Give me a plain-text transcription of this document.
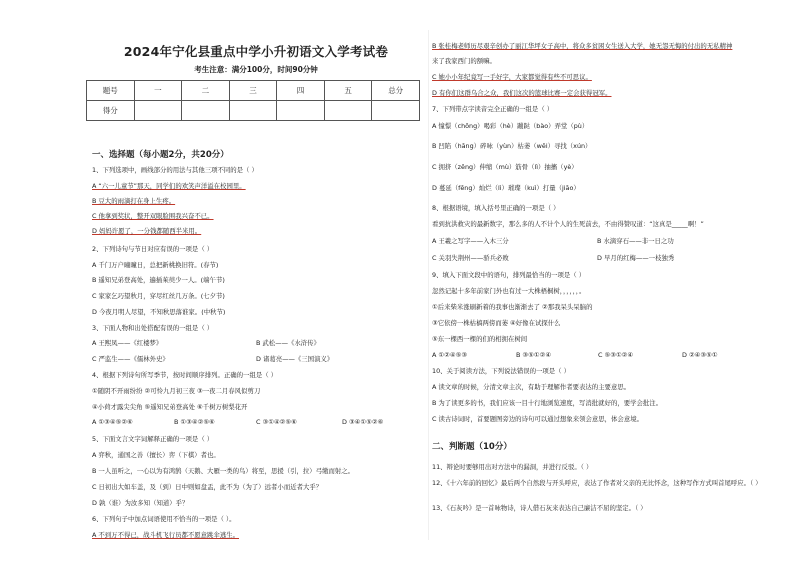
2024年宁化县重点中学小升初语文入学考试卷
考生注意：满分100分，时间90分钟
题号	一	二	三	四	五	总分
得分						
一、选择题（每小题2分，共20分）
1、下列选项中，画线部分的用法与其他三项不同的是（ ）
A “六一儿童节”那天，同学们的欢笑声洋溢在校园里。
B 豆大的雨滴打在身上生疼。
C 他拿到奖状，整开双眼脸围我兴奋不已。
D 妈妈许愿了，一分钱都随西半米用。
2、下列诗句与节日对应有误的一项是（ ）
A 千门万户曈曈日，总把新桃换旧符。(春节)
B 遥知兄弟登高处，遍插茱萸少一人。(端午节)
C 家家乞巧望秋月，穿尽红丝几万条。(七夕节)
D 今夜月明人尽望，不知秋思落谁家。(中秋节)
3、下面人物和出处搭配有误的一组是（ ）
A 王熙凤——《红楼梦》	B 武松——《水浒传》
C 严监生——《儒林外史》	D 诸葛亮——《三国演义》
4、根据下列诗句所写季节，按时间顺序排列。正确的一组是（ ）
①随阴不开雨纷纷 ②可怜九月初三夜 ③一夜二月春风似剪刀
④小荷才露尖尖角 ⑤遥知兄弟登高处 ⑥千树万树梨花开
A ①③④⑤②⑥	B ①③④②⑤⑥	C ③①④②⑤⑥	D ③④①⑤②⑥
5、下面文言文字词解释正确的一项是（ ）
A 弈秋，通国之善（擅长）弈（下棋）者也。
B 一人虽听之，一心以为有鸿鹄（天鹅、大雁一类的鸟）将至，思援（引，拉）弓缴而射之。
C 日初出大如车盖，及（到）日中则如盘盂，此不为（为了）远者小而近者大乎？
D 孰（谁）为汝多知（知道）乎？
6、下列句子中加点词语使用不恰当的一项是（ ）。
A 不到万不得已，战斗机飞行员都不愿意跳伞逃生。
B 张桂梅老师历尽艰辛创办了丽江华坪女子高中，将众多贫困女生送入大学，她无怨无悔的付出的无私精神
来了我家西门的额嘛。
C 她小小年纪竟写一手好字，大家都觉得有些不可思议。
D 有你们这群乌合之众，我们这次的篮球比赛一定会获得冠军。
7、下列带点字读音完全正确的一组是（ ）
A 憧憬（chōng）喝彩（hè）蹦跶（bào）弄堂（pù）
B 凹陷（hāng）碎咏（yùn）枯萎（wěi）寻找（xún）
C 拥挤（zēng）伸缩（mù）筋骨（lì）抽搐（yè）
D 蔓延（fēng）灿烂（lì）璀璨（kuì）打量（jiāo）
8、根据语境，填入括号里正确的一项是（ ）
看到抗洪救灾的最新数字，那么多的人不计个人的生死前去，不由得赞叹道：“这真是_____啊！”
A 王羲之写字——入木三分	B 水滴穿石——非一日之功
C 关羽失荆州——骄兵必败	D 早月的红梅——一枝独秀
9、填入下面文段中的语句，排列最恰当的一项是（ ）
忽然记起十多年前家门外也有过一大株梧桐树，，，，，，。
①后来柴米涨刷新着的我事也渐渐去了 ②那我呆头呆脑的
③它依傍一株枯槁两傍而萎 ④好像在试探什么
⑤东一棵西一棵的们的相拥在树间
A ①②④⑤③	B ③⑤①②④	C ⑤③①②④	D ②④③⑤①
10、关于阅读方法，下列说法错误的一项是（ ）
A 读文章的时候，分清文章主次，有助于理解作者要表达的主要意思。
B 为了读更多的书，我们应该一目十行地浏览速度，写消批就好的，要学会批注。
C 读古诗词时，首要题图旁边的诗句可以通过想象来领会意思，体会意境。
二、判断题（10分）
11、辩论时要够用出对方法中的漏洞，并进行反驳。（ ）
12、《十六年前的回忆》最后两个自然段与开头呼应，表达了作者对父亲的无比怀念，这种写作方式叫首尾呼应。（ ）
13、《石灰吟》是一首咏物诗，诗人借石灰来表达自己廉洁不屈的坚定。（ ）
